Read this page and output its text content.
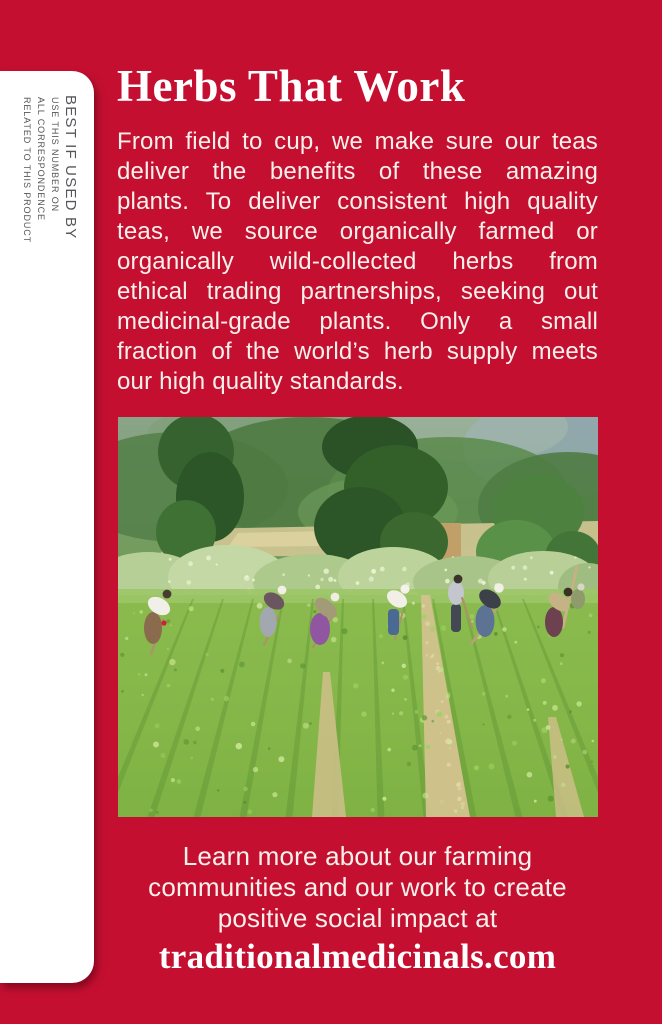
BEST IF USED BY
USE THIS NUMBER ON
ALL CORRESPONDENCE
RELATED TO THIS PRODUCT
Herbs That Work
From field to cup, we make sure our teas
deliver the benefits of these amazing
plants. To deliver consistent high quality
teas, we source organically farmed or
organically wild-collected herbs from
ethical trading partnerships, seeking out
medicinal-grade plants. Only a small
fraction of the world’s herb supply meets
our high quality standards.
Learn more about our farming
communities and our work to create
positive social impact at
traditionalmedicinals.com
